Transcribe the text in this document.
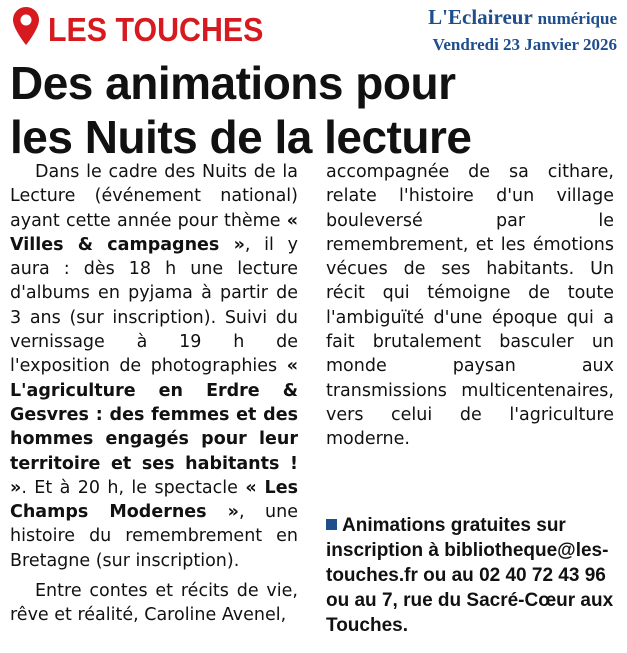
LES TOUCHES	L'Eclaireur numérique
Vendredi 23 Janvier 2026
Des animations pour
les Nuits de la lecture

Dans le cadre des Nuits de la Lecture (événement national) ayant cette année pour thème « Villes & campagnes », il y aura : dès 18 h une lecture d'albums en pyjama à partir de 3 ans (sur inscription). Suivi du vernissage à 19 h de l'exposition de photographies « L'agriculture en Erdre & Gesvres : des femmes et des hommes engagés pour leur territoire et ses habitants ! ». Et à 20 h, le spectacle « Les Champs Modernes », une histoire du remembrement en Bretagne (sur inscription).

Entre contes et récits de vie, rêve et réalité, Caroline Avenel,

Animations gratuites sur inscription à bibliotheque@les-touches.fr ou au 02 40 72 43 96 ou au 7, rue du Sacré-Cœur aux Touches.

accompagnée de sa cithare, relate l'histoire d'un village bouleversé par le remembrement, et les émotions vécues de ses habitants. Un récit qui témoigne de toute l'ambiguïté d'une époque qui a fait brutalement basculer un monde paysan aux transmissions multicentenaires, vers celui de l'agriculture moderne.
